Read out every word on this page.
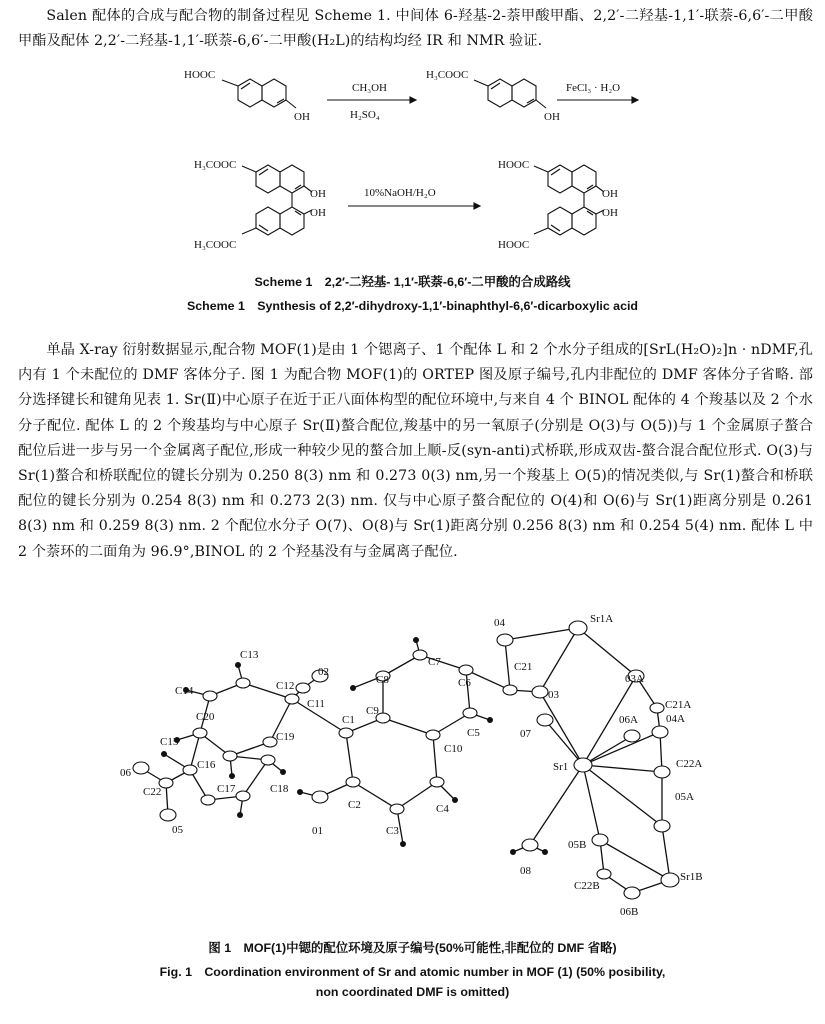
Salen 配体的合成与配合物的制备过程见 Scheme 1. 中间体 6-羟基-2-萘甲酸甲酯、2,2′-二羟基-1,1′-联萘-6,6′-二甲酸甲酯及配体 2,2′-二羟基-1,1′-联萘-6,6′-二甲酸(H₂L)的结构均经 IR 和 NMR 验证.

HOOC
OH
CH₃OH
H₂SO₄
H₃COOC
OH
FeCl₃ · H₂O
H₃COOC
OH
OH
H₃COOC
10%NaOH/H₂O
HOOC
OH
OH
HOOC
Scheme 1　2,2′-二羟基- 1,1′-联萘-6,6′-二甲酸的合成路线
Scheme 1　Synthesis of 2,2′-dihydroxy-1,1′-binaphthyl-6,6′-dicarboxylic acid

单晶 X-ray 衍射数据显示,配合物 MOF(1)是由 1 个锶离子、1 个配体 L 和 2 个水分子组成的[SrL(H₂O)₂]n · nDMF,孔内有 1 个未配位的 DMF 客体分子. 图 1 为配合物 MOF(1)的 ORTEP 图及原子编号,孔内非配位的 DMF 客体分子省略. 部分选择键长和键角见表 1. Sr(Ⅱ)中心原子在近于正八面体构型的配位环境中,与来自 4 个 BINOL 配体的 4 个羧基以及 2 个水分子配位. 配体 L 的 2 个羧基均与中心原子 Sr(Ⅱ)螯合配位,羧基中的另一氧原子(分别是 O(3)与 O(5))与 1 个金属原子螯合配位后进一步与另一个金属离子配位,形成一种较少见的螯合加上顺-反(syn-anti)式桥联,形成双齿-螯合混合配位形式. O(3)与 Sr(1)螯合和桥联配位的键长分别为 0.250 8(3) nm 和 0.273 0(3) nm,另一个羧基上 O(5)的情况类似,与 Sr(1)螯合和桥联配位的键长分别为 0.254 8(3) nm 和 0.273 2(3) nm. 仅与中心原子螯合配位的 O(4)和 O(6)与 Sr(1)距离分别是 0.261 8(3) nm 和 0.259 8(3) nm. 2 个配位水分子 O(7)、O(8)与 Sr(1)距离分别 0.256 8(3) nm 和 0.254 5(4) nm. 配体 L 中 2 个萘环的二面角为 96.9°,BINOL 的 2 个羟基没有与金属离子配位.

C13
C14
C20
C15
C12
02
C11
C19
C16
C22
06
05
C17	C18
C1
C9
C8
C7
C6
C5
C10
C2
C3
C4
01
04
C21
03
07
Sr1
Sr1A
03A
C21A
06A	04A
C22A
05A
08
05B
C22B
06B
Sr1B
图 1　MOF(1)中锶的配位环境及原子编号(50%可能性,非配位的 DMF 省略)
Fig. 1　Coordination environment of Sr and atomic number in MOF (1) (50% posibility,
non coordinated DMF is omitted)
